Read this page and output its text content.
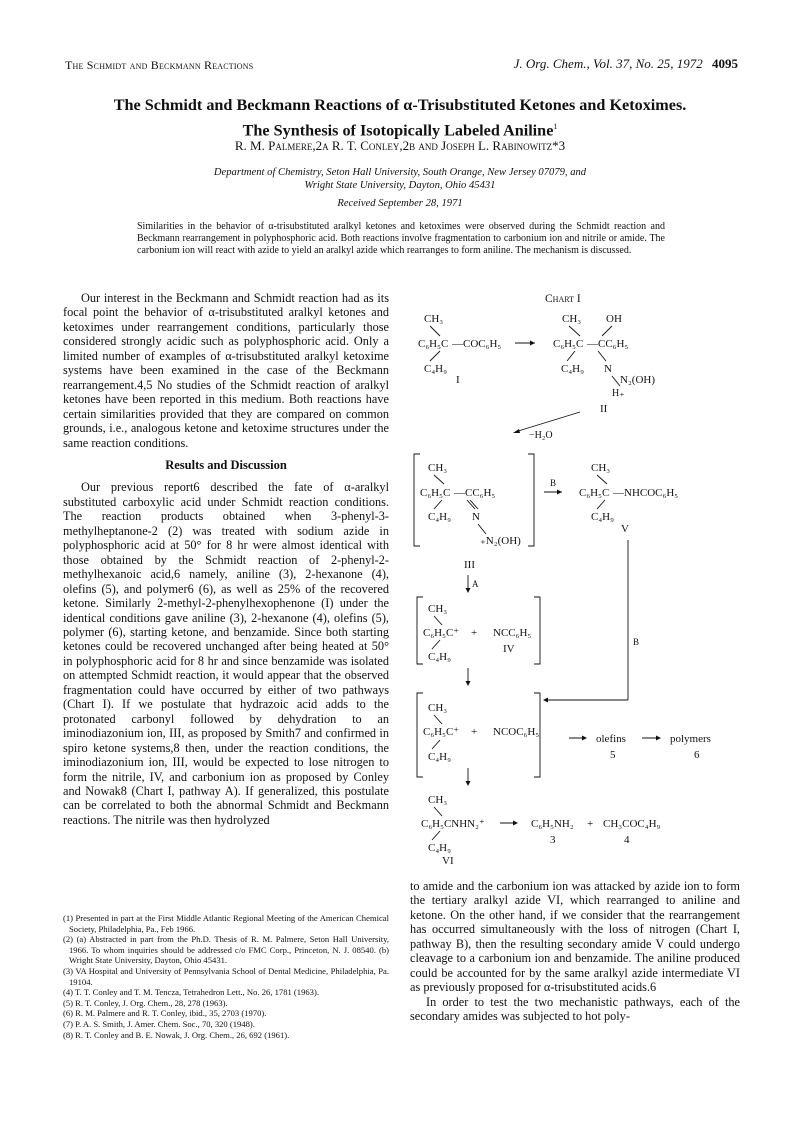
The Schmidt and Beckmann Reactions	J. Org. Chem., Vol. 37, No. 25, 1972 4095
The Schmidt and Beckmann Reactions of α-Trisubstituted Ketones and Ketoximes.
The Synthesis of Isotopically Labeled Aniline$^1$
R. M. Palmere,2a R. T. Conley,2b and Joseph L. Rabinowitz*3
Department of Chemistry, Seton Hall University, South Orange, New Jersey 07079, and
Wright State University, Dayton, Ohio 45431
Received September 28, 1971
Similarities in the behavior of α-trisubstituted aralkyl ketones and ketoximes were observed during the Schmidt reaction and Beckmann rearrangement in polyphosphoric acid. Both reactions involve fragmentation to carbonium ion and nitrile or amide. The carbonium ion will react with azide to yield an aralkyl azide which rearranges to form aniline. The mechanism is discussed.

Our interest in the Beckmann and Schmidt reaction had as its focal point the behavior of α-trisubstituted aralkyl ketones and ketoximes under rearrangement conditions, particularly those considered strongly acidic such as polyphosphoric acid. Only a limited number of examples of α-trisubstituted aralkyl ketoxime systems have been examined in the case of the Beckmann rearrangement.4,5 No studies of the Schmidt reaction of aralkyl ketones have been reported in this medium. Both reactions have certain similarities provided that they are compared on common grounds, i.e., analogous ketone and ketoxime structures under the same reaction conditions.

Results and Discussion

Our previous report6 described the fate of α-aralkyl substituted carboxylic acid under Schmidt reaction conditions. The reaction products obtained when 3-phenyl-3-methylheptanone-2 (2) was treated with sodium azide in polyphosphoric acid at 50° for 8 hr were almost identical with those obtained by the Schmidt reaction of 2-phenyl-2-methylhexanoic acid,6 namely, aniline (3), 2-hexanone (4), olefins (5), and polymer6 (6), as well as 25% of the recovered ketone. Similarly 2-methyl-2-phenylhexophenone (I) under the identical conditions gave aniline (3), 2-hexanone (4), olefins (5), polymer (6), starting ketone, and benzamide. Since both starting ketones could be recovered unchanged after being heated at 50° in polyphosphoric acid for 8 hr and since benzamide was isolated on attempted Schmidt reaction, it would appear that the observed fragmentation could have occurred by either of two pathways (Chart I). If we postulate that hydrazoic acid adds to the protonated carbonyl followed by dehydration to an iminodiazonium ion, III, as proposed by Smith7 and confirmed in spiro ketone systems,8 then, under the reaction conditions, the iminodiazonium ion, III, would be expected to lose nitrogen to form the nitrile, IV, and carbonium ion as proposed by Conley and Nowak8 (Chart I, pathway A). If generalized, this postulate can be correlated to both the abnormal Schmidt and Beckmann reactions. The nitrile was then hydrolyzed

(1) Presented in part at the First Middle Atlantic Regional Meeting of the American Chemical Society, Philadelphia, Pa., Feb 1966.
(2) (a) Abstracted in part from the Ph.D. Thesis of R. M. Palmere, Seton Hall University, 1966. To whom inquiries should be addressed c/o FMC Corp., Princeton, N. J. 08540. (b) Wright State University, Dayton, Ohio 45431.
(3) VA Hospital and University of Pennsylvania School of Dental Medicine, Philadelphia, Pa. 19104.
(4) T. T. Conley and T. M. Tencza, Tetrahedron Lett., No. 26, 1781 (1963).
(5) R. T. Conley, J. Org. Chem., 28, 278 (1963).
(6) R. M. Palmere and R. T. Conley, ibid., 35, 2703 (1970).
(7) P. A. S. Smith, J. Amer. Chem. Soc., 70, 320 (1948).
(8) R. T. Conley and B. E. Nowak, J. Org. Chem., 26, 692 (1961).
Chart I
CH₃
C₆H₅C —COC₆H₅
C₄H₉
I
CH₃ OH
C₆H₅C —CC₆H₅
C₄H₉ N
N₂(OH)
H₊
II
−H₂O
CH₃
C₆H₅C —CC₆H₅
C₄H₉ N
₊N₂(OH)
III
B
CH₃
C₆H₅C —NHCOC₆H₅
C₄H₉
V
A
CH₃
C₆H₅C⁺ + NCC₆H₅
C₄H₉
IV
B
CH₃
C₆H₅C⁺ + NCOC₆H₅
C₄H₉
olefins
5
polymers
6
CH₃
C₆H₅CNHN₂⁺
C₄H₉
VI
C₆H₅NH₂
3
+ CH₃COC₄H₉
4

to amide and the carbonium ion was attacked by azide ion to form the tertiary aralkyl azide VI, which rearranged to aniline and ketone. On the other hand, if we consider that the rearrangement has occurred simultaneously with the loss of nitrogen (Chart I, pathway B), then the resulting secondary amide V could undergo cleavage to a carbonium ion and benzamide. The aniline produced could be accounted for by the same aralkyl azide intermediate VI as previously proposed for α-trisubstituted acids.6

In order to test the two mechanistic pathways, each of the secondary amides was subjected to hot poly-
